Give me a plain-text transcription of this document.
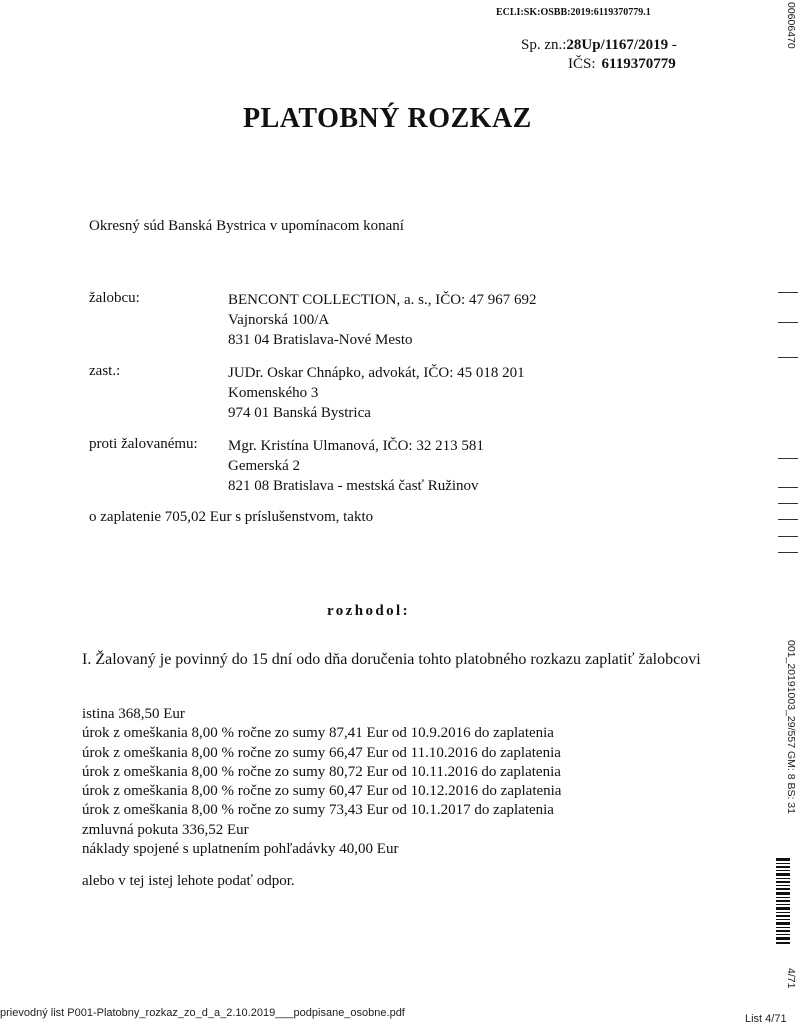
ECLI:SK:OSBB:2019:6119370779.1
Sp. zn.:28Up/1167/2019 -
IČS: 6119370779
PLATOBNÝ ROZKAZ
Okresný súd Banská Bystrica v upomínacom konaní
žalobcu:	BENCONT COLLECTION, a. s., IČO: 47 967 692
Vajnorská 100/A
831 04 Bratislava-Nové Mesto
zast.:	JUDr. Oskar Chnápko, advokát, IČO: 45 018 201
Komenského 3
974 01 Banská Bystrica
proti žalovanému: Mgr. Kristína Ulmanová, IČO: 32 213 581
Gemerská 2
821 08 Bratislava - mestská časť Ružinov
o zaplatenie 705,02 Eur s príslušenstvom, takto
rozhodol:
I. Žalovaný je povinný do 15 dní odo dňa doručenia tohto platobného rozkazu zaplatiť žalobcovi
istina 368,50 Eur
úrok z omeškania 8,00 % ročne zo sumy 87,41 Eur od 10.9.2016 do zaplatenia
úrok z omeškania 8,00 % ročne zo sumy 66,47 Eur od 11.10.2016 do zaplatenia
úrok z omeškania 8,00 % ročne zo sumy 80,72 Eur od 10.11.2016 do zaplatenia
úrok z omeškania 8,00 % ročne zo sumy 60,47 Eur od 10.12.2016 do zaplatenia
úrok z omeškania 8,00 % ročne zo sumy 73,43 Eur od 10.1.2017 do zaplatenia
zmluvná pokuta 336,52 Eur
náklady spojené s uplatnením pohľadávky 40,00 Eur
alebo v tej istej lehote podať odpor.
prievodný list P001-Platobny_rozkaz_zo_d_a_2.10.2019___podpisane_osobne.pdf	List 4/71
00606470
001_20191003_29/557 GM: 8 BS: 31
4/71
